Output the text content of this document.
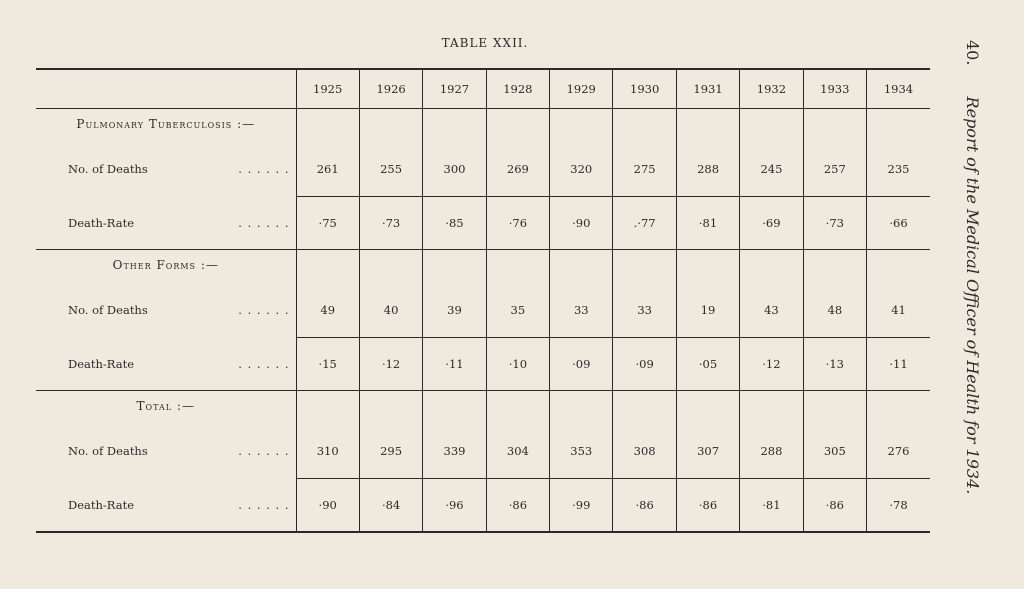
TABLE XXII.	40. Report of the Medical Officer of Health for 1934.
	1925	1926	1927	1928	1929	1930	1931	1932	1933	1934
Pulmonary Tuberculosis :—										
No. of Deaths . . . . . .	261	255	300	269	320	275	288	245	257	235
Death-Rate . . . . . .	·75	·73	·85	·76	·90	.·77	·81	·69	·73	·66
Other Forms :—										
No. of Deaths . . . . . .	49	40	39	35	33	33	19	43	48	41
Death-Rate . . . . . .	·15	·12	·11	·10	·09	·09	·05	·12	·13	·11
Total :—										
No. of Deaths . . . . . .	310	295	339	304	353	308	307	288	305	276
Death-Rate . . . . . .	·90	·84	·96	·86	·99	·86	·86	·81	·86	·78
